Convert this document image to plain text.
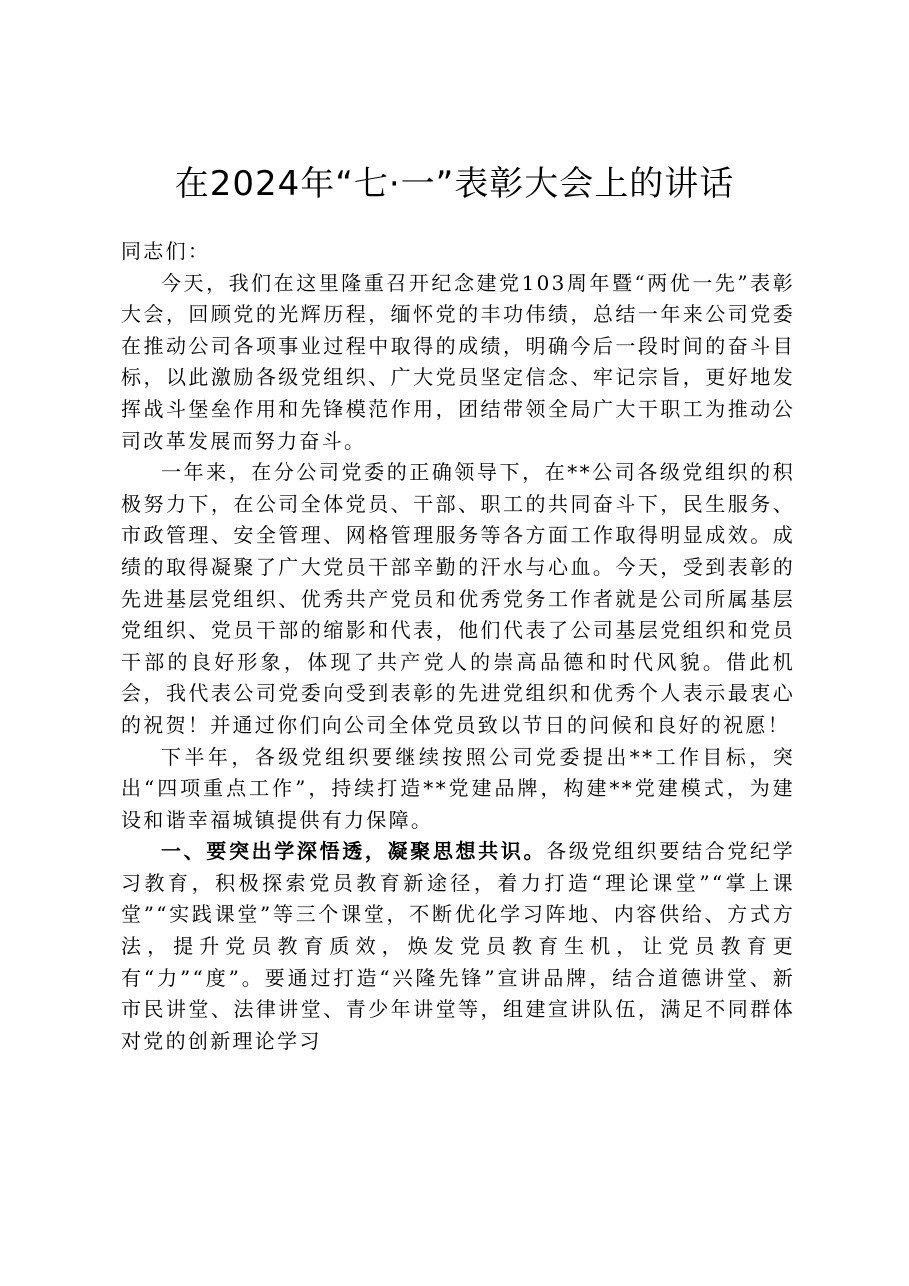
在2024年“七·一”表彰大会上的讲话

同志们：

今天，我们在这里隆重召开纪念建党103周年暨“两优一先”表彰大会，回顾党的光辉历程，缅怀党的丰功伟绩，总结一年来公司党委在推动公司各项事业过程中取得的成绩，明确今后一段时间的奋斗目标，以此激励各级党组织、广大党员坚定信念、牢记宗旨，更好地发挥战斗堡垒作用和先锋模范作用，团结带领全局广大干职工为推动公司改革发展而努力奋斗。

一年来，在分公司党委的正确领导下，在**公司各级党组织的积极努力下，在公司全体党员、干部、职工的共同奋斗下，民生服务、市政管理、安全管理、网格管理服务等各方面工作取得明显成效。成绩的取得凝聚了广大党员干部辛勤的汗水与心血。今天，受到表彰的先进基层党组织、优秀共产党员和优秀党务工作者就是公司所属基层党组织、党员干部的缩影和代表，他们代表了公司基层党组织和党员干部的良好形象，体现了共产党人的崇高品德和时代风貌。借此机会，我代表公司党委向受到表彰的先进党组织和优秀个人表示最衷心的祝贺！并通过你们向公司全体党员致以节日的问候和良好的祝愿！

下半年，各级党组织要继续按照公司党委提出**工作目标，突出“四项重点工作”，持续打造**党建品牌，构建**党建模式，为建设和谐幸福城镇提供有力保障。

一、要突出学深悟透，凝聚思想共识。各级党组织要结合党纪学习教育，积极探索党员教育新途径，着力打造“理论课堂”“掌上课堂”“实践课堂”等三个课堂，不断优化学习阵地、内容供给、方式方法，提升党员教育质效，焕发党员教育生机，让党员教育更有“力”“度”。要通过打造“兴隆先锋”宣讲品牌，结合道德讲堂、新市民讲堂、法律讲堂、青少年讲堂等，组建宣讲队伍，满足不同群体对党的创新理论学习
